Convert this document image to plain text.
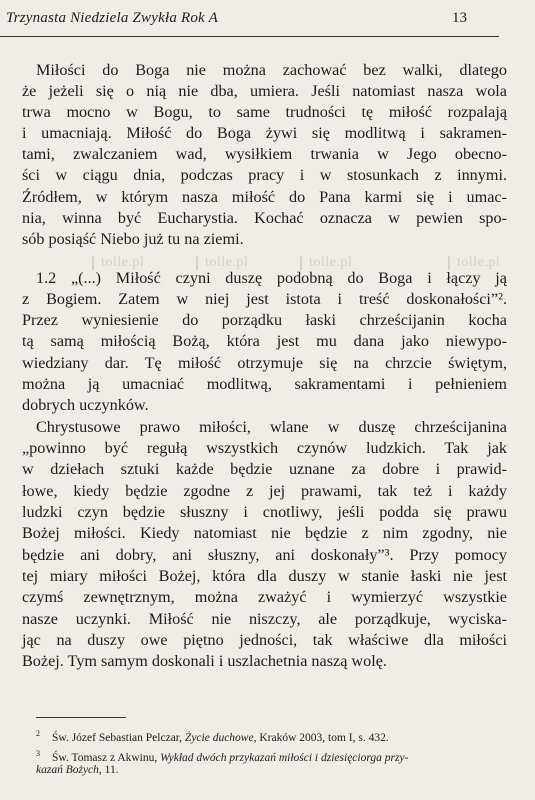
Trzynasta Niedziela Zwykła Rok A	13
Miłości do Boga nie można zachować bez walki, dlatego
że jeżeli się o nią nie dba, umiera. Jeśli natomiast nasza wola
trwa mocno w Bogu, to same trudności tę miłość rozpalają
i umacniają. Miłość do Boga żywi się modlitwą i sakramen-
tami, zwalczaniem wad, wysiłkiem trwania w Jego obecno-
ści w ciągu dnia, podczas pracy i w stosunkach z innymi.
Źródłem, w którym nasza miłość do Pana karmi się i umac-
nia, winna być Eucharystia. Kochać oznacza w pewien spo-
sób posiąść Niebo już tu na ziemi.
1.2 „(...) Miłość czyni duszę podobną do Boga i łączy ją
z Bogiem. Zatem w niej jest istota i treść doskonałości”².
Przez wyniesienie do porządku łaski chrześcijanin kocha
tą samą miłością Bożą, która jest mu dana jako niewypo-
wiedziany dar. Tę miłość otrzymuje się na chrzcie świętym,
można ją umacniać modlitwą, sakramentami i pełnieniem
dobrych uczynków.
Chrystusowe prawo miłości, wlane w duszę chrześcijanina
„powinno być regułą wszystkich czynów ludzkich. Tak jak
w dziełach sztuki każde będzie uznane za dobre i prawid-
łowe, kiedy będzie zgodne z jej prawami, tak też i każdy
ludzki czyn będzie słuszny i cnotliwy, jeśli podda się prawu
Bożej miłości. Kiedy natomiast nie będzie z nim zgodny, nie
będzie ani dobry, ani słuszny, ani doskonały”³. Przy pomocy
tej miary miłości Bożej, która dla duszy w stanie łaski nie jest
czymś zewnętrznym, można zważyć i wymierzyć wszystkie
nasze uczynki. Miłość nie niszczy, ale porządkuje, wyciska-
jąc na duszy owe piętno jedności, tak właściwe dla miłości
Bożej. Tym samym doskonali i uszlachetnia naszą wolę.
tolle.pl	tolle.pl	tolle.pl	tolle.pl
$^2$ Św. Józef Sebastian Pelczar, Życie duchowe, Kraków 2003, tom I, s. 432.
$^3$ Św. Tomasz z Akwinu, Wykład dwóch przykazań miłości i dziesięciorga przy-
kazań Bożych, 11.
